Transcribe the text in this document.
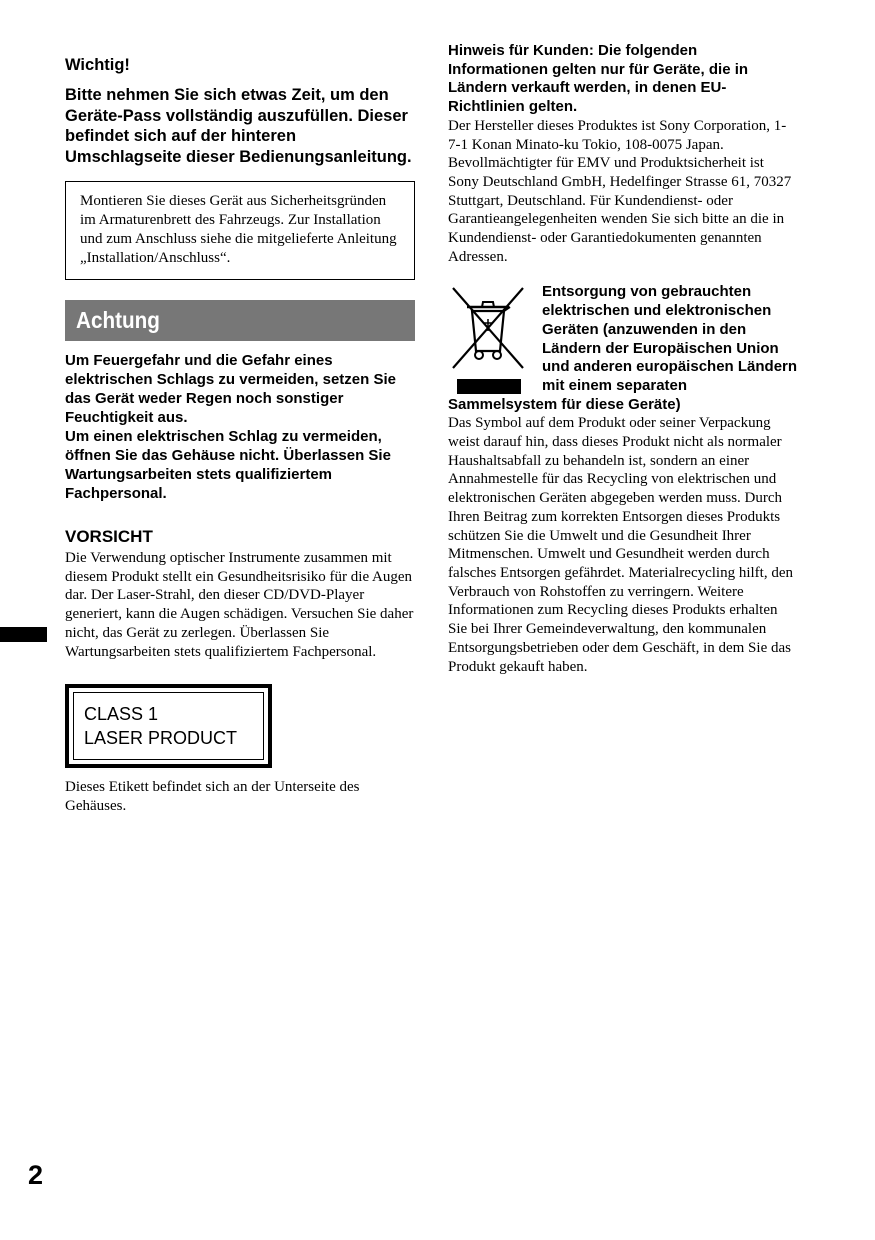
Wichtig!

Bitte nehmen Sie sich etwas Zeit, um den Geräte-Pass vollständig auszufüllen. Dieser befindet sich auf der hinteren Umschlagseite dieser Bedienungsanleitung.

Montieren Sie dieses Gerät aus Sicherheitsgründen im Armaturenbrett des Fahrzeugs. Zur Installation und zum Anschluss siehe die mitgelieferte Anleitung „Installation/Anschluss“.
Achtung

Um Feuergefahr und die Gefahr eines elektrischen Schlags zu vermeiden, setzen Sie das Gerät weder Regen noch sonstiger Feuchtigkeit aus.

Um einen elektrischen Schlag zu vermeiden, öffnen Sie das Gehäuse nicht. Überlassen Sie Wartungsarbeiten stets qualifiziertem Fachpersonal.

VORSICHT

Die Verwendung optischer Instrumente zusammen mit diesem Produkt stellt ein Gesundheitsrisiko für die Augen dar. Der Laser-Strahl, den dieser CD/DVD-Player generiert, kann die Augen schädigen. Versuchen Sie daher nicht, das Gerät zu zerlegen. Überlassen Sie Wartungsarbeiten stets qualifiziertem Fachpersonal.

CLASS 1
LASER PRODUCT
Dieses Etikett befindet sich an der Unterseite des Gehäuses.

Hinweis für Kunden: Die folgenden Informationen gelten nur für Geräte, die in Ländern verkauft werden, in denen EU-Richtlinien gelten.

Der Hersteller dieses Produktes ist Sony Corporation, 1-7-1 Konan Minato-ku Tokio, 108-0075 Japan. Bevollmächtigter für EMV und Produktsicherheit ist Sony Deutschland GmbH, Hedelfinger Strasse 61, 70327 Stuttgart, Deutschland. Für Kundendienst- oder Garantieangelegenheiten wenden Sie sich bitte an die in Kundendienst- oder Garantiedokumenten genannten Adressen.

Entsorgung von gebrauchten elektrischen und elektronischen Geräten (anzuwenden in den Ländern der Europäischen Union und anderen europäischen Ländern mit einem separaten

Sammelsystem für diese Geräte)

Das Symbol auf dem Produkt oder seiner Verpackung weist darauf hin, dass dieses Produkt nicht als normaler Haushaltsabfall zu behandeln ist, sondern an einer Annahmestelle für das Recycling von elektrischen und elektronischen Geräten abgegeben werden muss. Durch Ihren Beitrag zum korrekten Entsorgen dieses Produkts schützen Sie die Umwelt und die Gesundheit Ihrer Mitmenschen. Umwelt und Gesundheit werden durch falsches Entsorgen gefährdet. Materialrecycling hilft, den Verbrauch von Rohstoffen zu verringern. Weitere Informationen zum Recycling dieses Produkts erhalten Sie bei Ihrer Gemeindeverwaltung, den kommunalen Entsorgungsbetrieben oder dem Geschäft, in dem Sie das Produkt gekauft haben.

2
